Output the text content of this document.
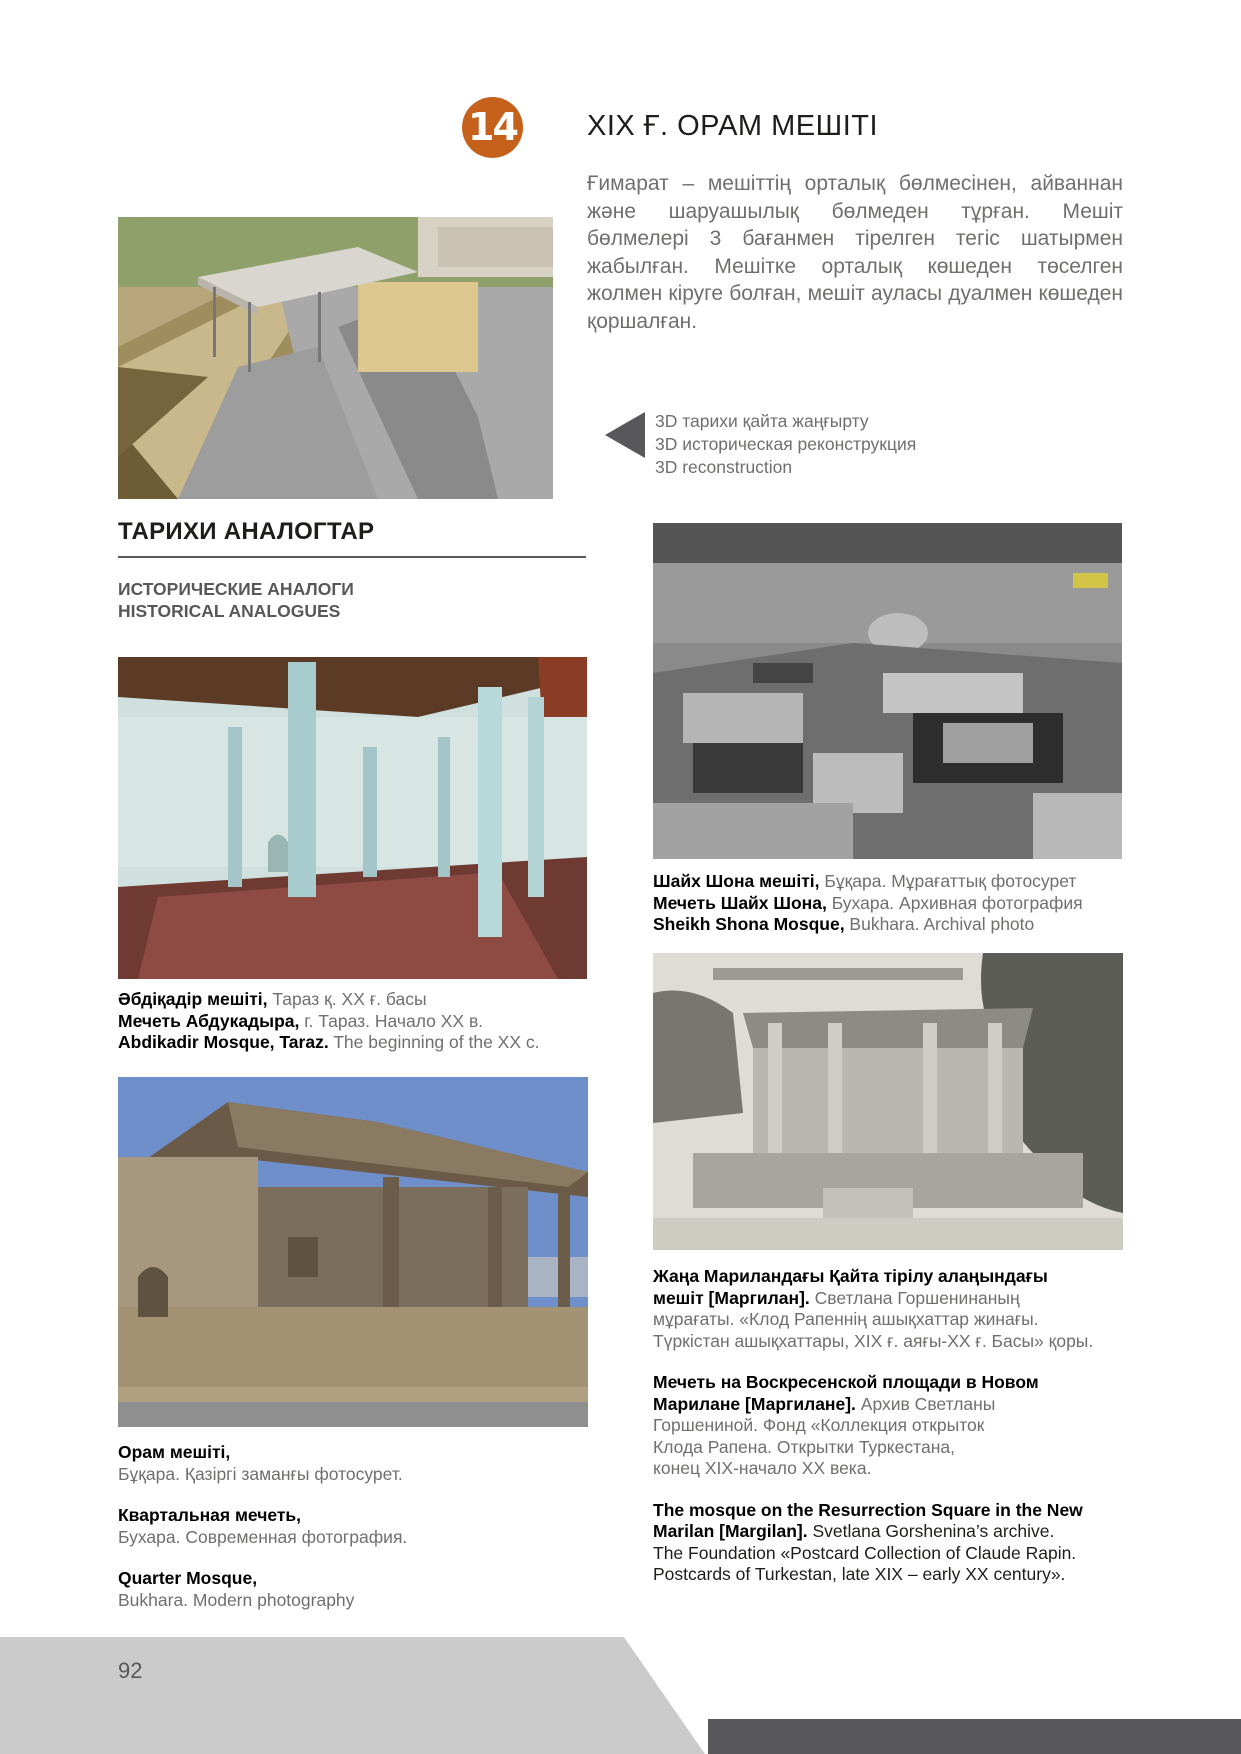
14 XIX Ғ. ОРАМ МЕШІТІ
Ғимарат – мешіттің орталық бөлмесінен, айваннан және шаруашылық бөлмеден тұрған. Мешіт бөлмелері 3 бағанмен тірелген тегіс шатырмен жабылған. Мешітке орталық көшеден төселген жолмен кіруге болған, мешіт ауласы дуалмен көшеден қоршалған.
3D тарихи қайта жаңғырту
3D историческая реконструкция
3D reconstruction
ТАРИХИ АНАЛОГТАР
ИСТОРИЧЕСКИЕ АНАЛОГИ
HISTORICAL ANALOGUES
Әбдіқадір мешіті, Тараз қ. ХХ ғ. басы
Мечеть Абдукадыра, г. Тараз. Начало ХХ в.
Abdikadir Mosque, Taraz. The beginning of the XX c.
Орам мешіті,
Бұқара. Қазіргі заманғы фотосурет.
Квартальная мечеть,
Бухара. Современная фотография.
Quarter Mosque,
Bukhara. Modern photography
Шайх Шона мешіті, Бұқара. Мұрағаттық фотосурет
Мечеть Шайх Шона, Бухара. Архивная фотография
Sheikh Shona Mosque, Bukhara. Archival photo
Жаңа Мариландағы Қайта тірілу алаңындағы
мешіт [Маргилан]. Светлана Горшенинаның
мұрағаты. «Клод Рапеннің ашықхаттар жинағы.
Түркістан ашықхаттары, XIX ғ. аяғы-ХХ ғ. Басы» қоры.
Мечеть на Воскресенской площади в Новом
Марилане [Маргилане]. Архив Светланы
Горшениной. Фонд «Коллекция открыток
Клода Рапена. Открытки Туркестана,
конец XIX-начало XX века.
The mosque on the Resurrection Square in the New
Marilan [Margilan]. Svetlana Gorshenina’s archive.
The Foundation «Postcard Collection of Claude Rapin.
Postcards of Turkestan, late XIX – early XX century».
92
